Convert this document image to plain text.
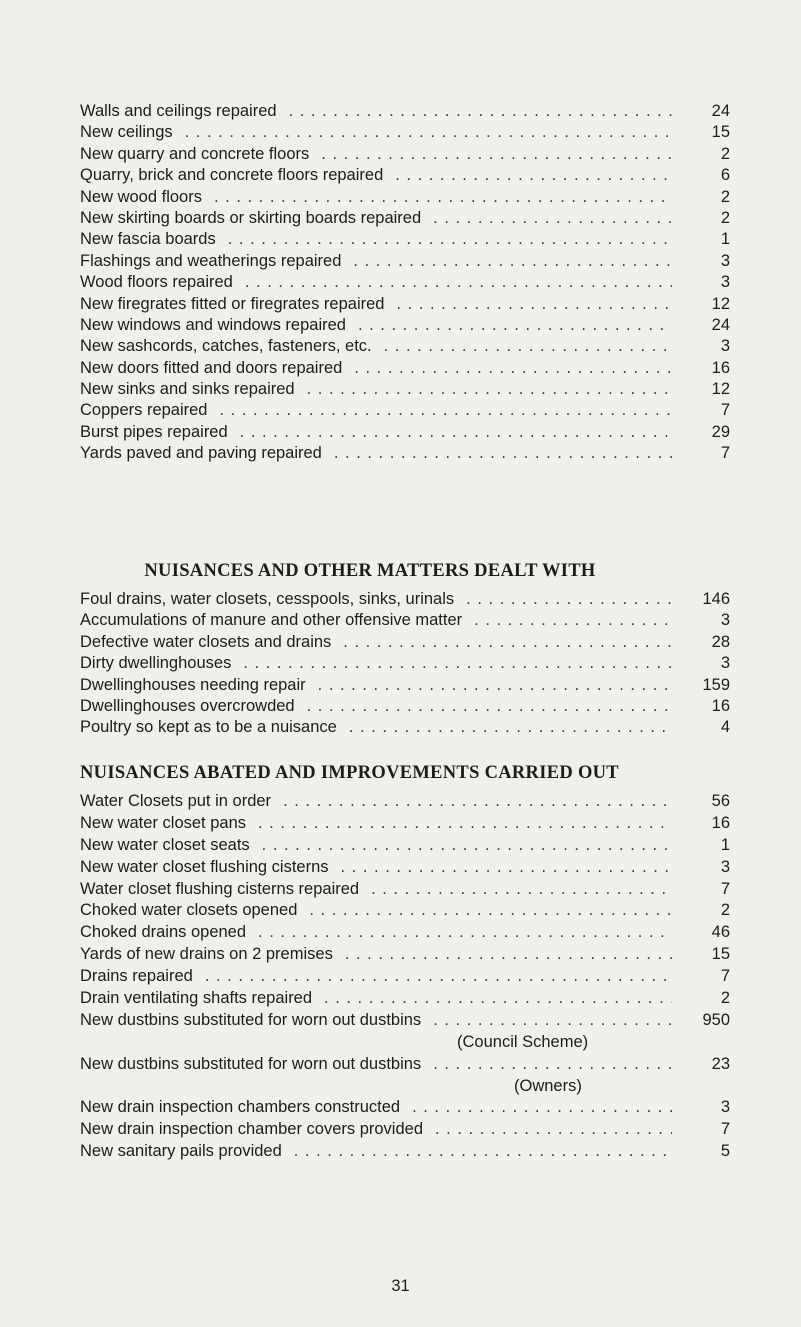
Walls and ceilings repaired . . .	24
New ceilings . . .	15
New quarry and concrete floors . . .	2
Quarry, brick and concrete floors repaired . . .	6
New wood floors . . .	2
New skirting boards or skirting boards repaired . . .	2
New fascia boards . . .	1
Flashings and weatherings repaired . . .	3
Wood floors repaired . . .	3
New firegrates fitted or firegrates repaired . . .	12
New windows and windows repaired . . .	24
New sashcords, catches, fasteners, etc. . . .	3
New doors fitted and doors repaired . . .	16
New sinks and sinks repaired . . .	12
Coppers repaired . . .	7
Burst pipes repaired . . .	29
Yards paved and paving repaired . . .	7
NUISANCES AND OTHER MATTERS DEALT WITH
Foul drains, water closets, cesspools, sinks, urinals . . .	146
Accumulations of manure and other offensive matter . . .	3
Defective water closets and drains . . .	28
Dirty dwellinghouses . . .	3
Dwellinghouses needing repair . . .	159
Dwellinghouses overcrowded . . .	16
Poultry so kept as to be a nuisance . . .	4
NUISANCES ABATED AND IMPROVEMENTS CARRIED OUT
Water Closets put in order . . .	56
New water closet pans . . .	16
New water closet seats . . .	1
New water closet flushing cisterns . . .	3
Water closet flushing cisterns repaired . . .	7
Choked water closets opened . . .	2
Choked drains opened . . .	46
Yards of new drains on 2 premises . . .	15
Drains repaired . . .	7
Drain ventilating shafts repaired . . .	2
New dustbins substituted for worn out dustbins . . .	950
(Council Scheme)
New dustbins substituted for worn out dustbins . . .	23
(Owners)
New drain inspection chambers constructed . . .	3
New drain inspection chamber covers provided . . .	7
New sanitary pails provided . . .	5
31
